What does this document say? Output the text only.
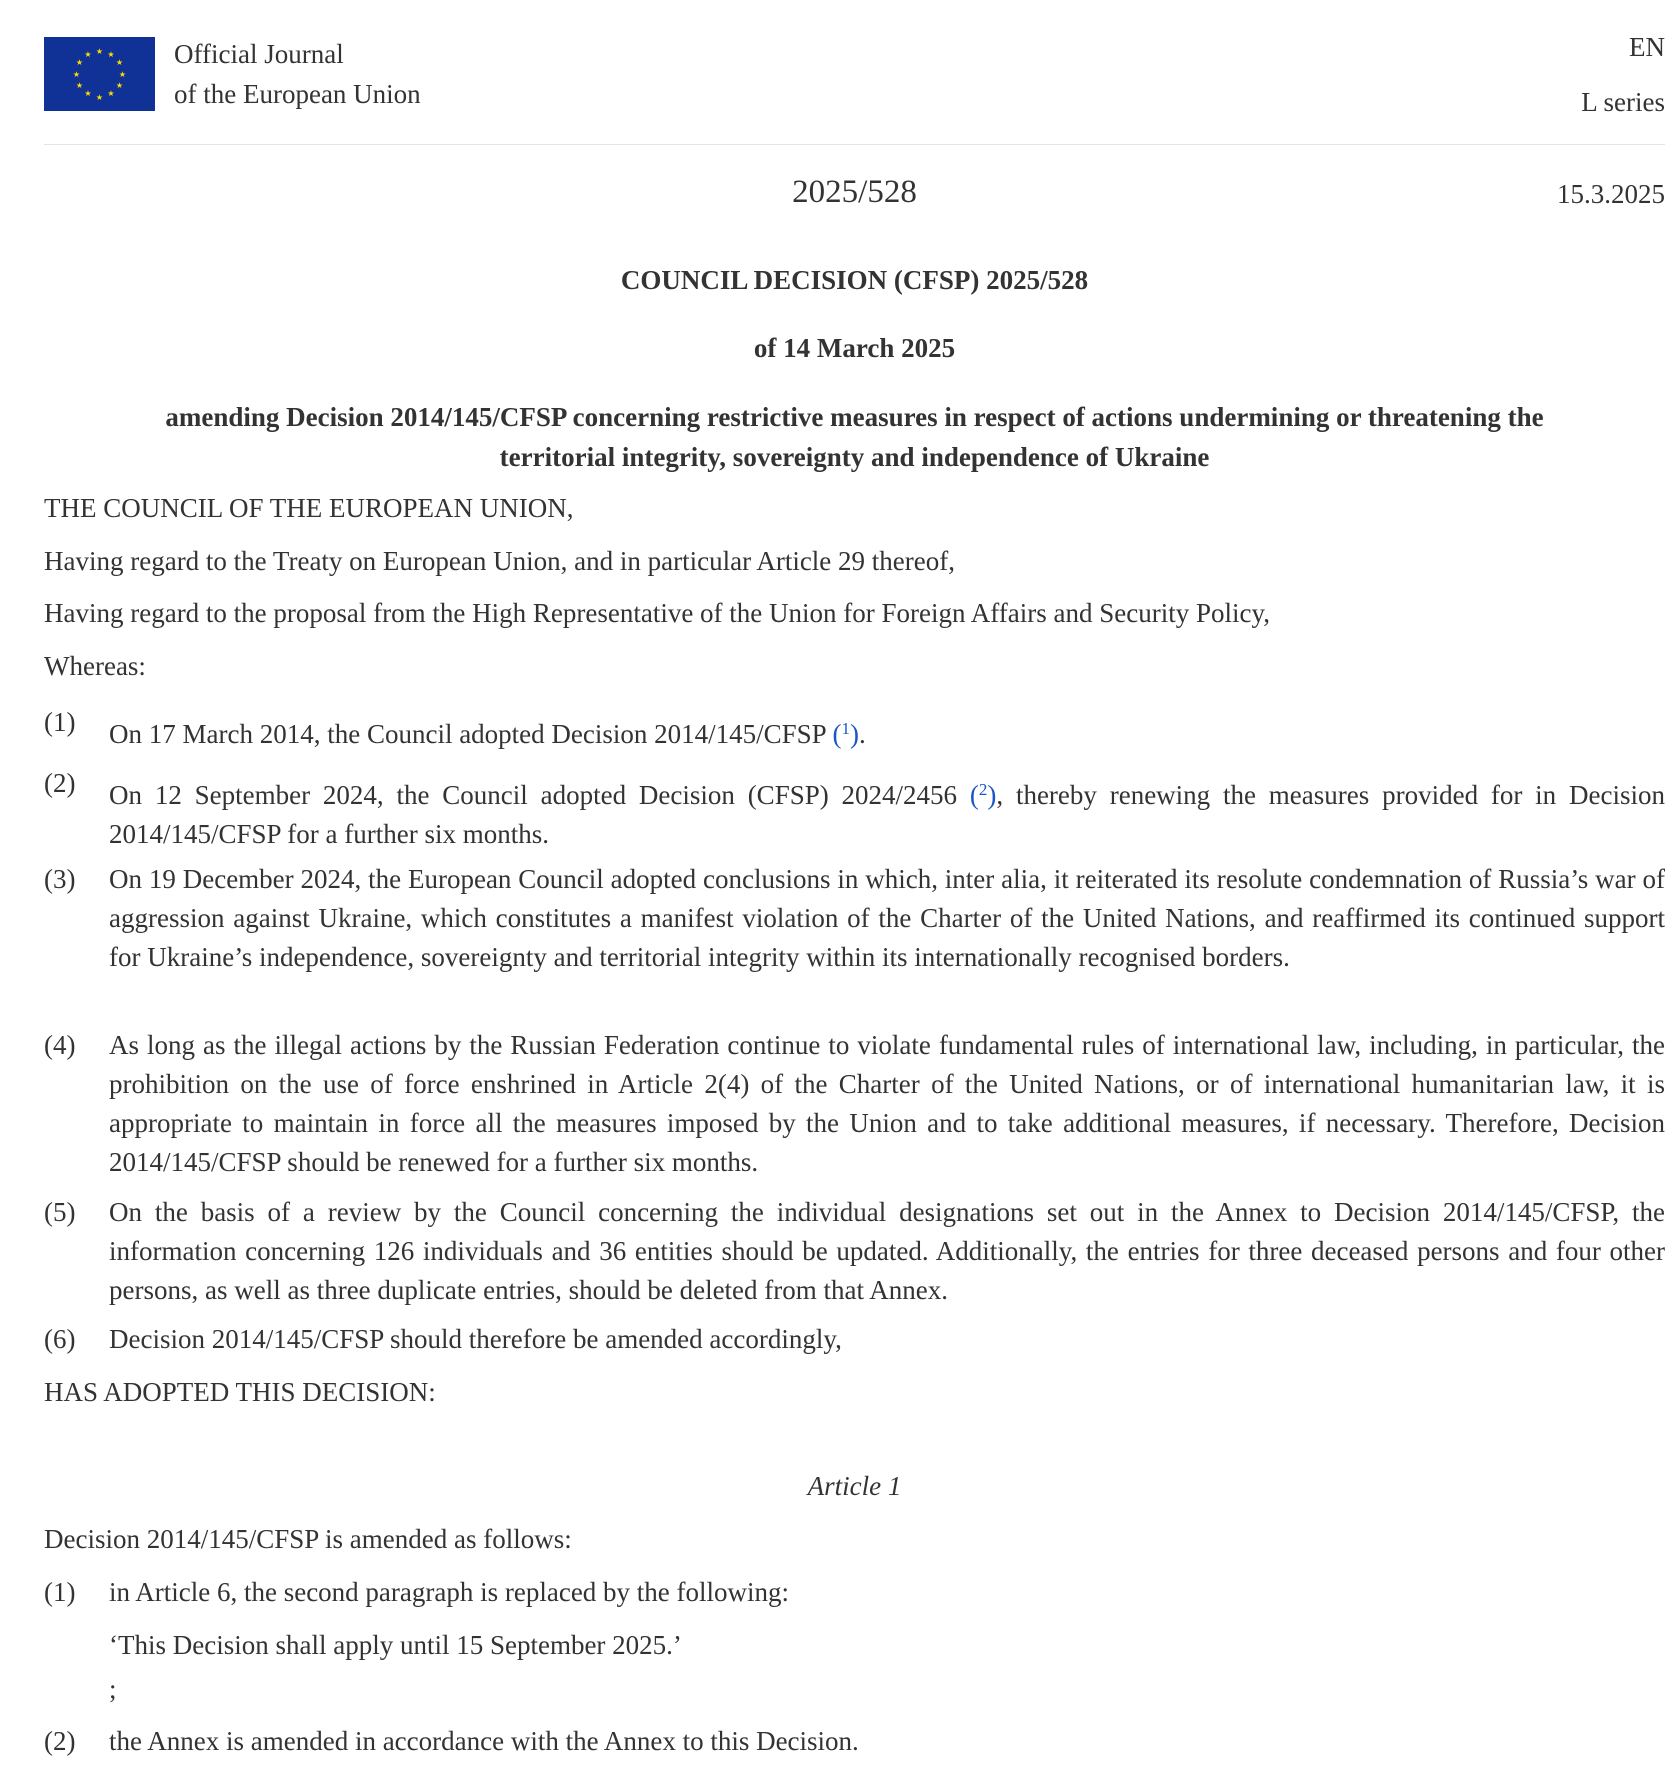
★ ★
★
★
★
★
★
★
★
★
★
★	Official Journal
of the European Union
EN
L series
2025/528	15.3.2025
COUNCIL DECISION (CFSP) 2025/528
of 14 March 2025
amending Decision 2014/145/CFSP concerning restrictive measures in respect of actions undermining or threatening the
territorial integrity, sovereignty and independence of Ukraine
THE COUNCIL OF THE EUROPEAN UNION,
Having regard to the Treaty on European Union, and in particular Article 29 thereof,
Having regard to the proposal from the High Representative of the Union for Foreign Affairs and Security Policy,
Whereas:
(1) On 17 March 2014, the Council adopted Decision 2014/145/CFSP ($^1$).
(2) On 12 September 2024, the Council adopted Decision (CFSP) 2024/2456 ($^2$), thereby renewing the measures provided for in Decision 2014/145/CFSP for a further six months.
(3) On 19 December 2024, the European Council adopted conclusions in which, inter alia, it reiterated its resolute condemnation of Russia’s war of aggression against Ukraine, which constitutes a manifest violation of the Charter of the United Nations, and reaffirmed its continued support for Ukraine’s independence, sovereignty and territorial integrity within its internationally recognised borders.
(4) As long as the illegal actions by the Russian Federation continue to violate fundamental rules of international law, including, in particular, the prohibition on the use of force enshrined in Article 2(4) of the Charter of the United Nations, or of international humanitarian law, it is appropriate to maintain in force all the measures imposed by the Union and to take additional measures, if necessary. Therefore, Decision 2014/145/CFSP should be renewed for a further six months.
(5) On the basis of a review by the Council concerning the individual designations set out in the Annex to Decision 2014/145/CFSP, the information concerning 126 individuals and 36 entities should be updated. Additionally, the entries for three deceased persons and four other persons, as well as three duplicate entries, should be deleted from that Annex.
(6) Decision 2014/145/CFSP should therefore be amended accordingly,
HAS ADOPTED THIS DECISION:
Article 1
Decision 2014/145/CFSP is amended as follows:
(1) in Article 6, the second paragraph is replaced by the following:
‘This Decision shall apply until 15 September 2025.’
;
(2) the Annex is amended in accordance with the Annex to this Decision.
